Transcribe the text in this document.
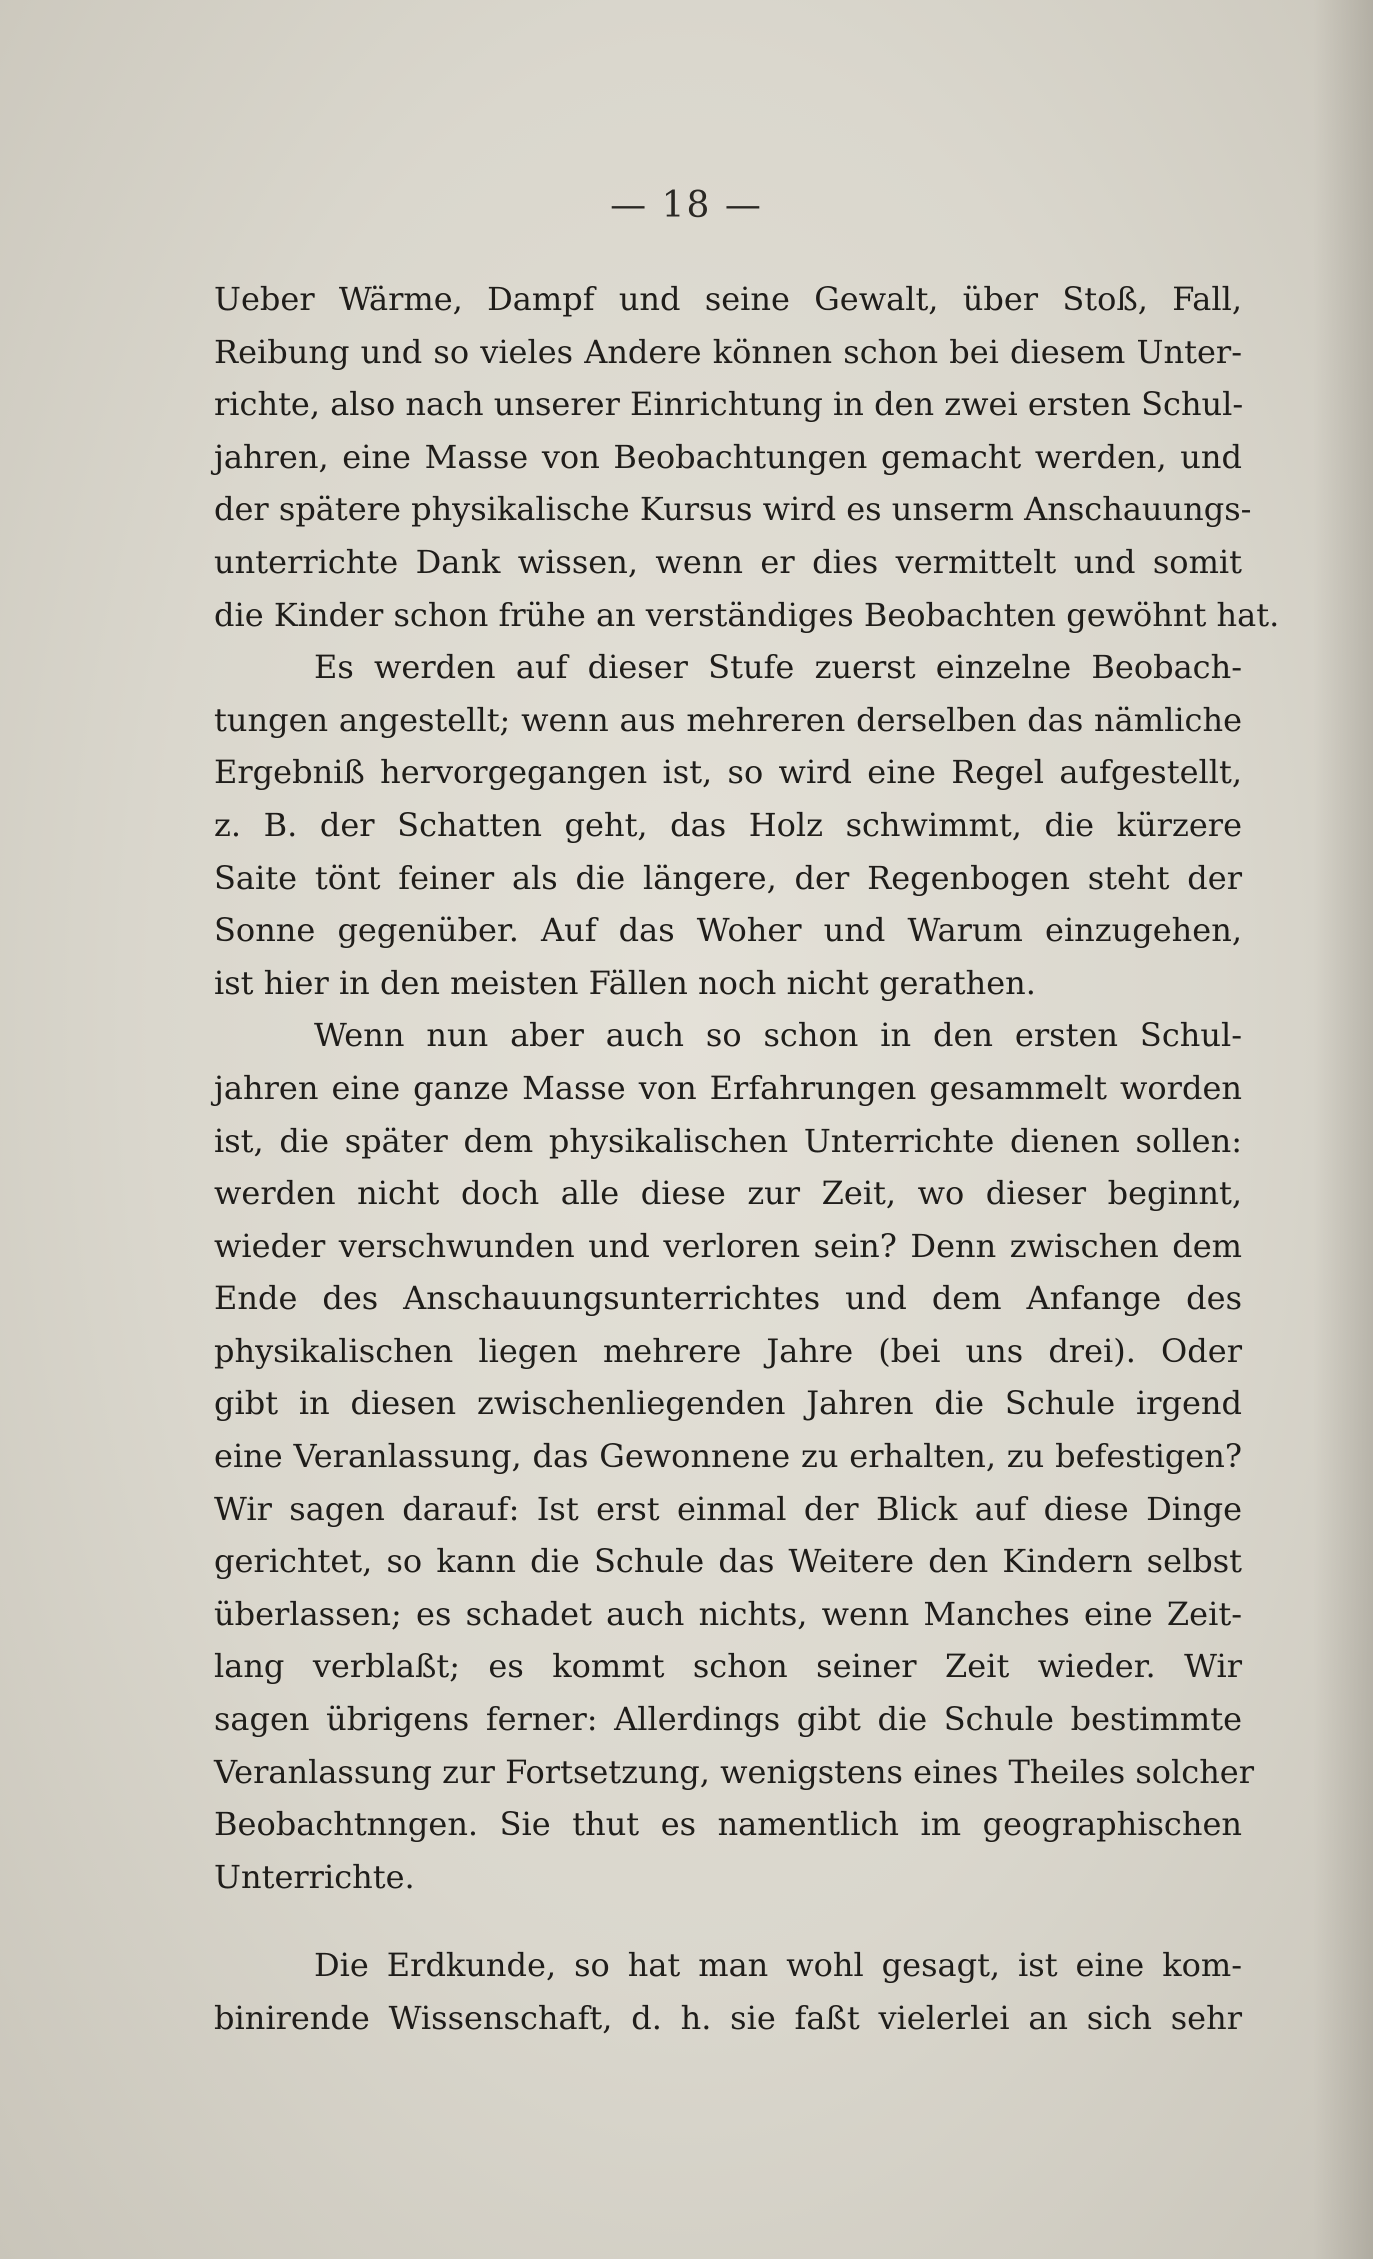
— 18 —
Ueber Wärme, Dampf und seine Gewalt, über Stoß, Fall,
Reibung und so vieles Andere können schon bei diesem Unter-
richte, also nach unserer Einrichtung in den zwei ersten Schul-
jahren, eine Masse von Beobachtungen gemacht werden, und
der spätere physikalische Kursus wird es unserm Anschauungs-
unterrichte Dank wissen, wenn er dies vermittelt und somit
die Kinder schon frühe an verständiges Beobachten gewöhnt hat.
Es werden auf dieser Stufe zuerst einzelne Beobach-
tungen angestellt; wenn aus mehreren derselben das nämliche
Ergebniß hervorgegangen ist, so wird eine Regel aufgestellt,
z. B. der Schatten geht, das Holz schwimmt, die kürzere
Saite tönt feiner als die längere, der Regenbogen steht der
Sonne gegenüber. Auf das Woher und Warum einzugehen,
ist hier in den meisten Fällen noch nicht gerathen.
Wenn nun aber auch so schon in den ersten Schul-
jahren eine ganze Masse von Erfahrungen gesammelt worden
ist, die später dem physikalischen Unterrichte dienen sollen:
werden nicht doch alle diese zur Zeit, wo dieser beginnt,
wieder verschwunden und verloren sein? Denn zwischen dem
Ende des Anschauungsunterrichtes und dem Anfange des
physikalischen liegen mehrere Jahre (bei uns drei). Oder
gibt in diesen zwischenliegenden Jahren die Schule irgend
eine Veranlassung, das Gewonnene zu erhalten, zu befestigen?
Wir sagen darauf: Ist erst einmal der Blick auf diese Dinge
gerichtet, so kann die Schule das Weitere den Kindern selbst
überlassen; es schadet auch nichts, wenn Manches eine Zeit-
lang verblaßt; es kommt schon seiner Zeit wieder. Wir
sagen übrigens ferner: Allerdings gibt die Schule bestimmte
Veranlassung zur Fortsetzung, wenigstens eines Theiles solcher
Beobachtnngen. Sie thut es namentlich im geographischen
Unterrichte.
Die Erdkunde, so hat man wohl gesagt, ist eine kom-
binirende Wissenschaft, d. h. sie faßt vielerlei an sich sehr
